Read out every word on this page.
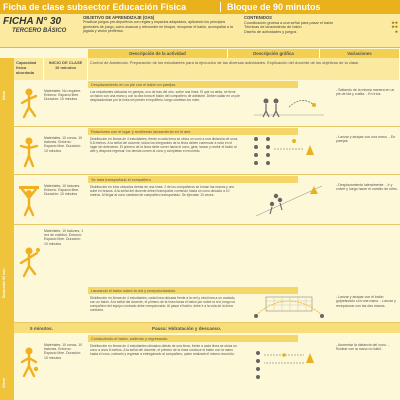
Ficha de clase subsector Educación Física	Bloque de 90 minutos
FICHA N° 30
TERCERO BÁSICO
OBJETIVO DE APRENDIZAJE (OA5)
Practicar juegos pre-deportivos con reglas y espacios adaptados, aplicando los principios generales de juego, como avanzar y retroceder en bloque, recuperar el balón, acompañar a la jugada y visión periférica.
CONTENIDOS

Coordinación gruesa a una señal para pasar el balón	★★
Técnicas de lanzamiento de balón	★★
Diseño de actividades y juegos	★
Descripción de la actividad	Descripción gráfica	Variaciones
Inicio
Desarrollo 60 min.
Cierre
Capacidad física abordada
INICIO DE CLASE 10 minutos
Control de Asistencia. Preparación de los estudiantes para la ejecución de las diversas actividades. Explicación del docente de los objetivos de la clase.
Desplazamiento en un pie con el balón en parejas.
Materiales: No requiere. Entorno: Espacio libre. Duración: 10 minutos
Los estudiantes ubicados en parejas, uno de tras del otro, sobre una línea. El que va atrás, se tiene un balón con una mano y con la otra toma el balón del compañero de adelante. Deben saltar en un pie desplazándose por la línea sin perder el equilibrio; luego cambian los roles.
- Saltando de la misma manera en un pie de ida y vuelta. - En tríos.
Rotaciones con el lugar y recibiendo lanzamiento en el aire.
Materiales: 10 conos, 10 balones. Entorno: Espacio libre. Duración: 10 minutos
Distribución en líneas de 4 estudiantes; frente a cada línea se ubica un cono a una distancia de unos 5-8 metros. A la señal del docente, todos los integrantes de la línea deben comenzar a rotar en el lugar sin detenerse. El primero de la línea debe correr hacia el cono, girar, lanzar y recibir el balón al aire y después regresar; los demás corren al cono y completan el recorrido.
- Lanzar y atrapar con una mano. - En parejas.
Se trata transportado el compañero.
Materiales: 10 balones. Entorno: Espacio libre. Duración: 10 minutos
Distribución en tríos ubicados detrás de una línea: 2 de los compañeros se toman las manos y uno sube en brazos. A la señal del docente deben transportar corriendo hasta un cono ubicado a 10 metros. Al llegar al cono cambian de compañero transportado. Se ejecutan 10 veces.
- Desplazamiento lateralmente. - Ir y volver y luego hacer el cambio de roles.
Lanzando el balón sobre la red y recepcionándolo.
Materiales: 10 balones, 1 red de voleibol. Entorno: Espacio libre. Duración: 10 minutos
Distribución en líneas de 4 estudiantes; cada línea ubicada frente a la red y otra línea a un costado, con un balón. A la señal del docente, el primero de la línea lanza el balón por sobre la red, luego un compañero del equipo contrario debe recepcionarlo. Al pasar el balón, debe ir a la cola de la línea contraria.
- Lanzar y atrapar con el balón golpeándolo con una mano. - Lanzar y recepcionar con las dos manos.
5 minutos.	Pausa: Hidratación y descanso.
Conduciendo el balón, saliendo y regresando.
Materiales: 10 conos, 10 balones. Entorno: Espacio libre. Duración: 10 minutos
Distribución en líneas de 4 estudiantes ubicados detrás de una línea, frente a cada línea se ubica un cono a unos 8 metros. A la señal del docente, el primero de la línea conduce el balón con la mano hasta el cono, rodearlo y regresar a entregárselo al compañero, quien realizará el mismo recorrido.
- Aumentar la distancia del cono. - Rodear con la mano no hábil.
